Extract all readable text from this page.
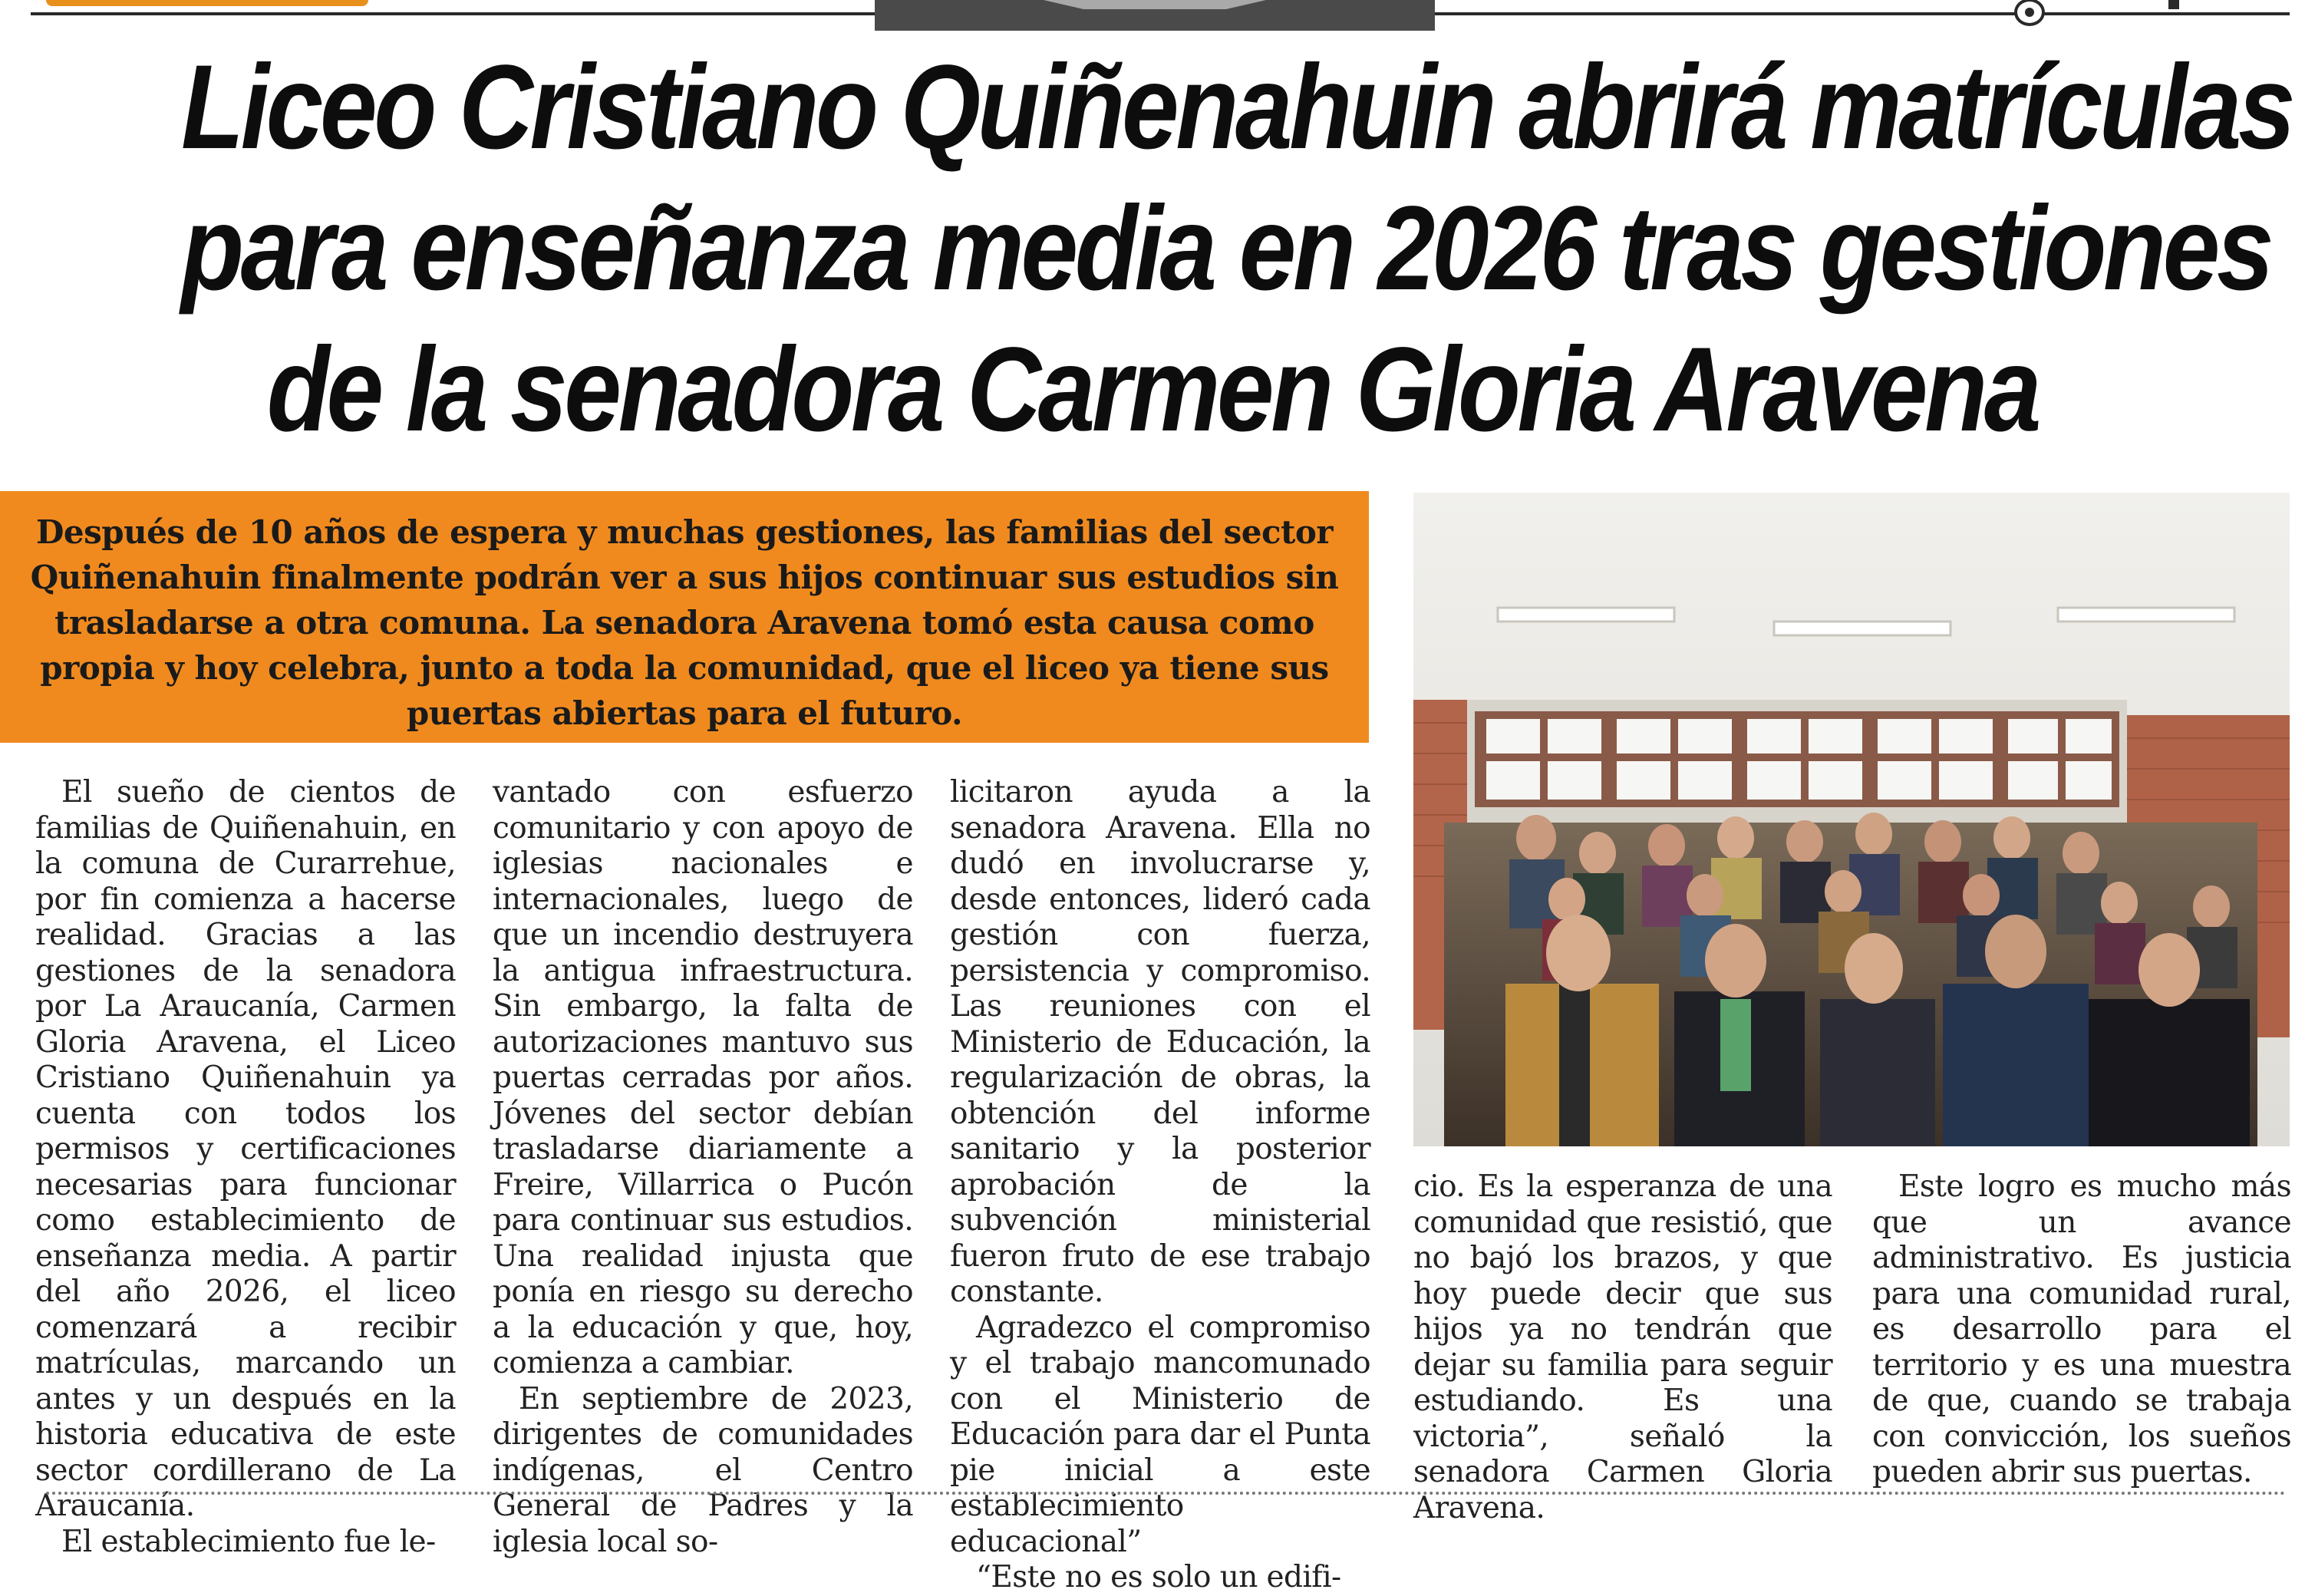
Liceo Cristiano Quiñenahuin abrirá matrículas
para enseñanza media en 2026 tras gestiones
de la senadora Carmen Gloria Aravena

Después de 10 años de espera y muchas gestiones, las familias del sector Quiñenahuin finalmente podrán ver a sus hijos continuar sus estudios sin trasladarse a otra comuna. La senadora Aravena tomó esta causa como propia y hoy celebra, junto a toda la comunidad, que el liceo ya tiene sus puertas abiertas para el futuro.

El sueño de cientos de familias de Quiñenahuin, en la comuna de Curarrehue, por fin comienza a hacerse realidad. Gracias a las gestiones de la senadora por La Araucanía, Carmen Gloria Aravena, el Liceo Cristiano Quiñenahuin ya cuenta con todos los permisos y certificaciones necesarias para funcionar como establecimiento de enseñanza media. A partir del año 2026, el liceo comenzará a recibir matrículas, marcando un antes y un después en la historia educativa de este sector cordillerano de La Araucanía.

El establecimiento fue le-

vantado con esfuerzo comunitario y con apoyo de iglesias nacionales e internacionales, luego de que un incendio destruyera la antigua infraestructura. Sin embargo, la falta de autorizaciones mantuvo sus puertas cerradas por años. Jóvenes del sector debían trasladarse diariamente a Freire, Villarrica o Pucón para continuar sus estudios. Una realidad injusta que ponía en riesgo su derecho a la educación y que, hoy, comienza a cambiar.

En septiembre de 2023, dirigentes de comunidades indígenas, el Centro General de Padres y la iglesia local so-

licitaron ayuda a la senadora Aravena. Ella no dudó en involucrarse y, desde entonces, lideró cada gestión con fuerza, persistencia y compromiso. Las reuniones con el Ministerio de Educación, la regularización de obras, la obtención del informe sanitario y la posterior aprobación de la subvención ministerial fueron fruto de ese trabajo constante.

Agradezco el compromiso y el trabajo mancomunado con el Ministerio de Educación para dar el Punta pie inicial a este establecimiento educacional”

“Este no es solo un edifi-

cio. Es la esperanza de una comunidad que resistió, que no bajó los brazos, y que hoy puede decir que sus hijos ya no tendrán que dejar su familia para seguir estudiando. Es una victoria”, señaló la senadora Carmen Gloria Aravena.

Este logro es mucho más que un avance administrativo. Es justicia para una comunidad rural, es desarrollo para el territorio y es una muestra de que, cuando se trabaja con convicción, los sueños pueden abrir sus puertas.
